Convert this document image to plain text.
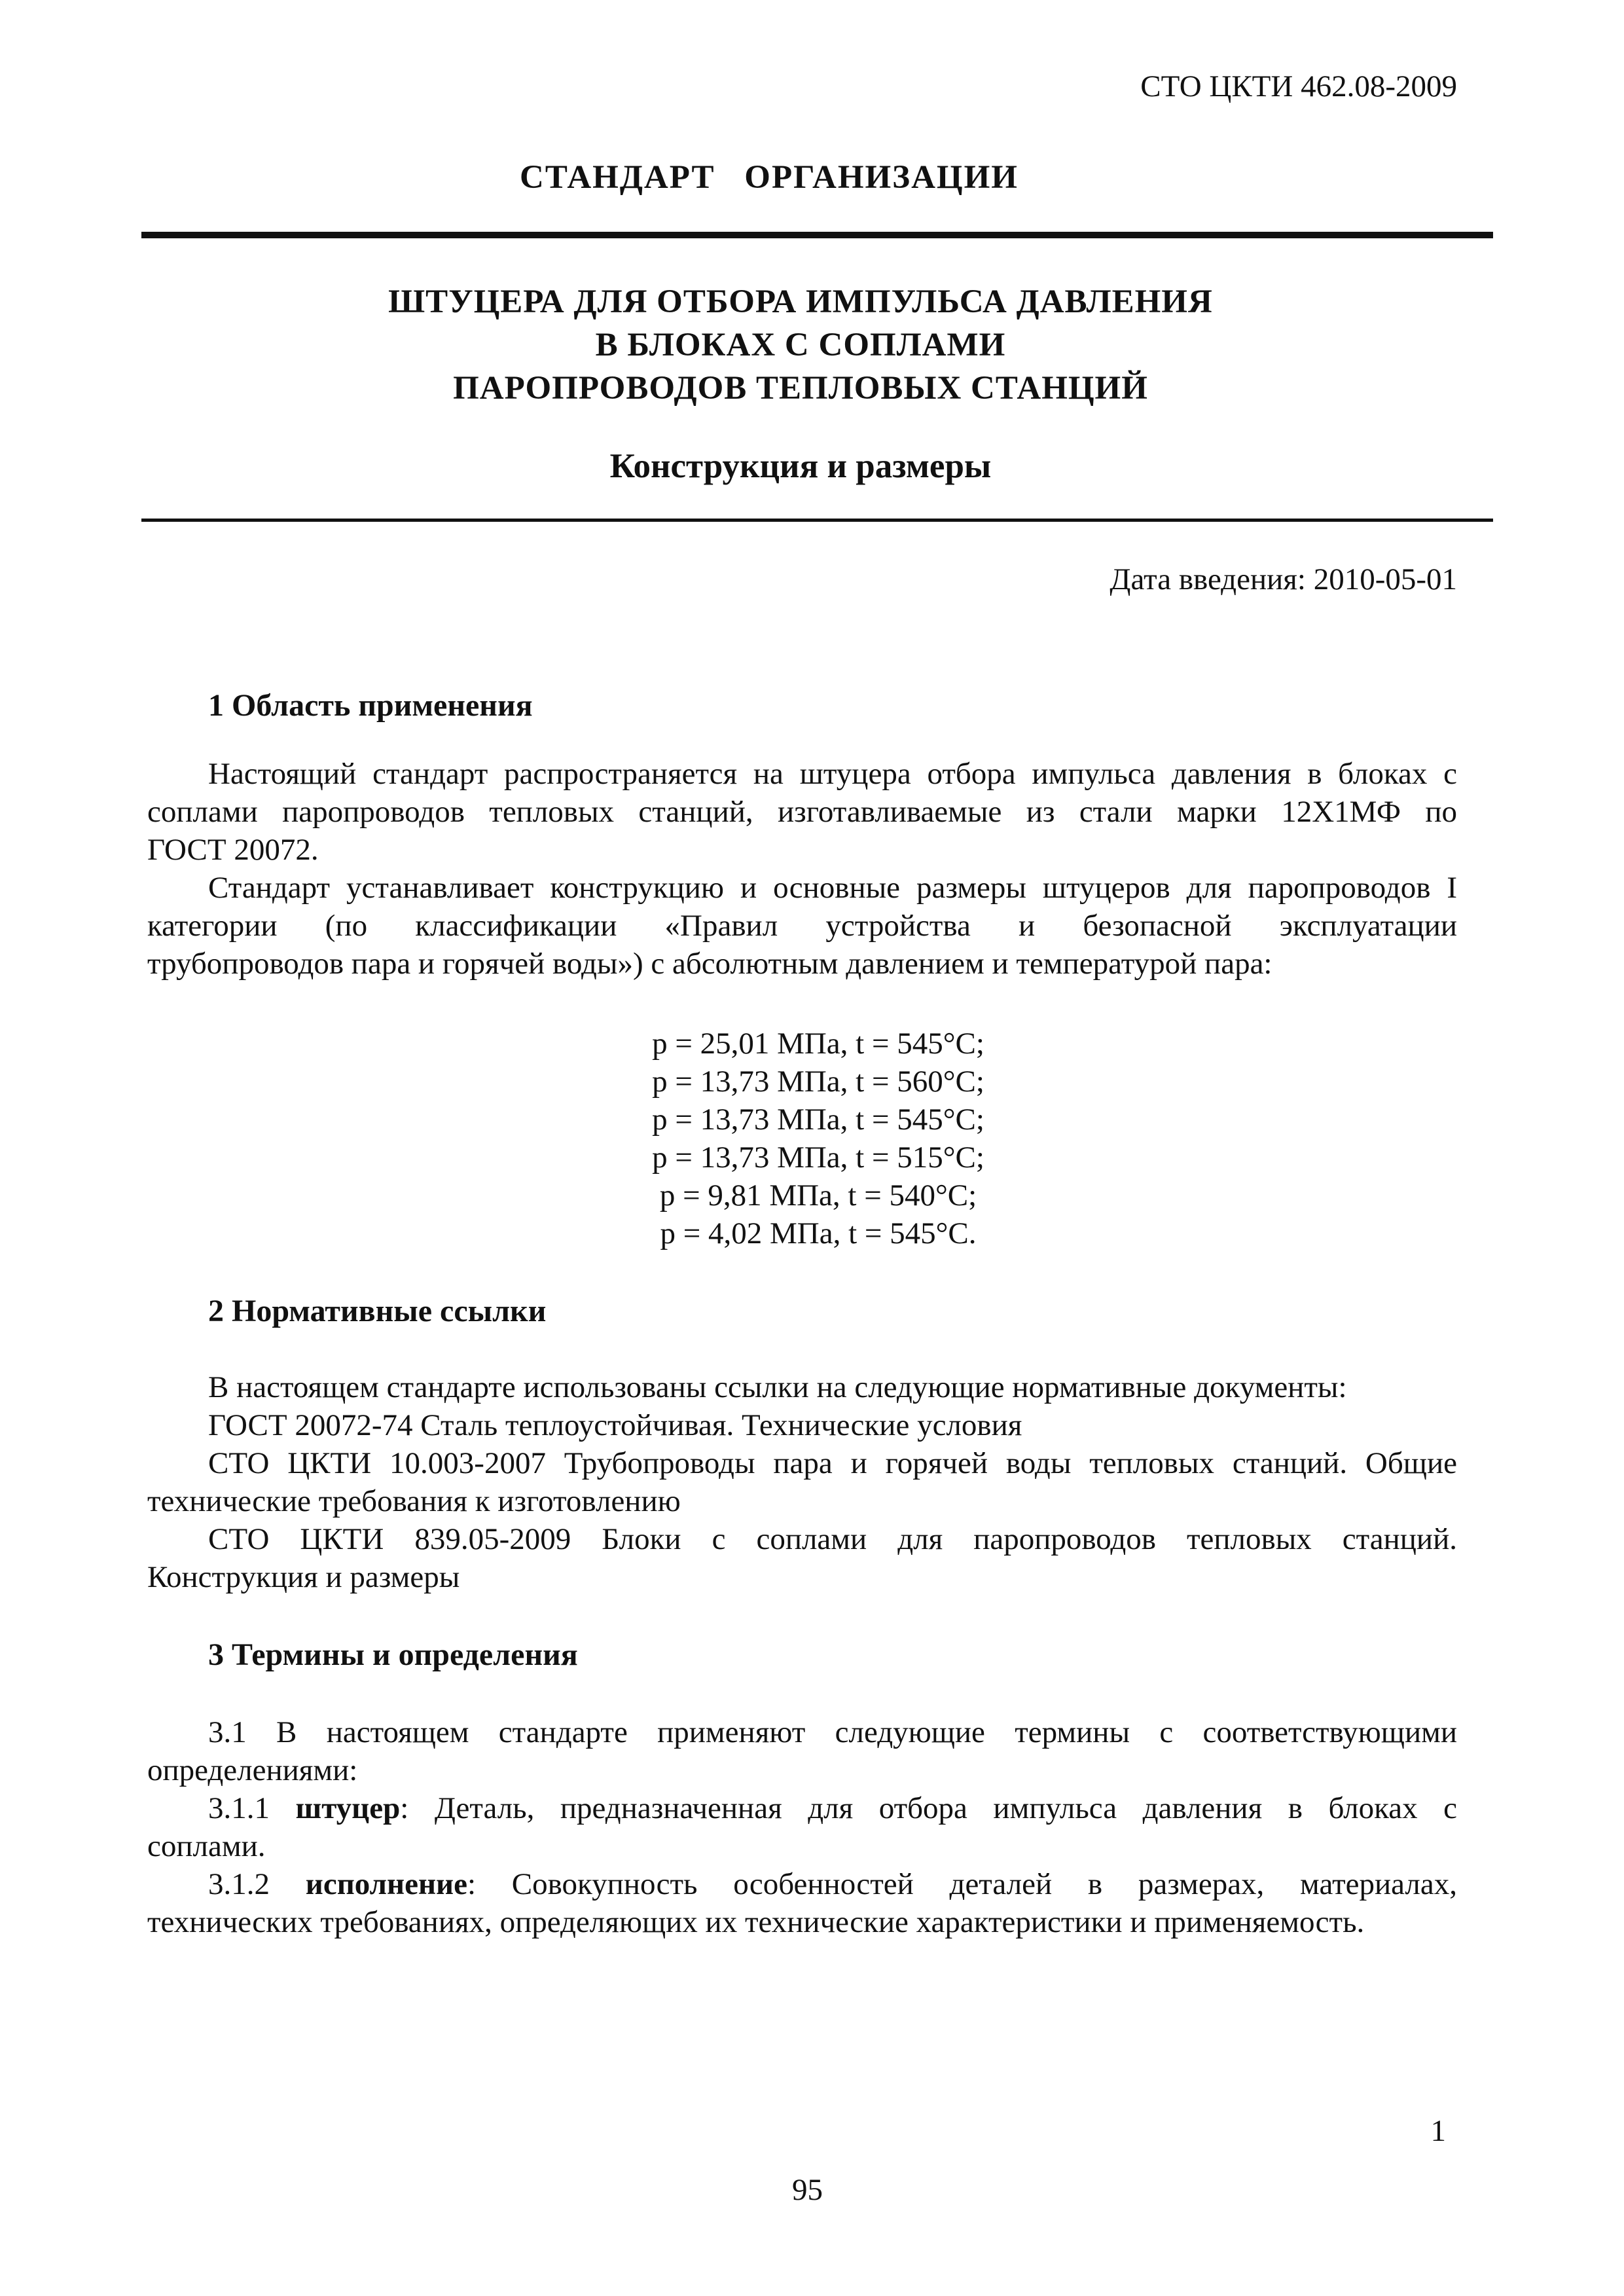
СТО ЦКТИ 462.08-2009
СТАНДАРТ ОРГАНИЗАЦИИ
ШТУЦЕРА ДЛЯ ОТБОРА ИМПУЛЬСА ДАВЛЕНИЯ
В БЛОКАХ С СОПЛАМИ
ПАРОПРОВОДОВ ТЕПЛОВЫХ СТАНЦИЙ
Конструкция и размеры
Дата введения: 2010-05-01
1 Область применения
Настоящий стандарт распространяется на штуцера отбора импульса давления в блоках с
соплами паропроводов тепловых станций, изготавливаемые из стали марки 12Х1МФ по
ГОСТ 20072.
Стандарт устанавливает конструкцию и основные размеры штуцеров для паропроводов I
категории (по классификации «Правил устройства и безопасной эксплуатации
трубопроводов пара и горячей воды») с абсолютным давлением и температурой пара:
p = 25,01 МПа, t = 545°С;
p = 13,73 МПа, t = 560°С;
p = 13,73 МПа, t = 545°С;
p = 13,73 МПа, t = 515°С;
p = 9,81 МПа, t = 540°С;
p = 4,02 МПа, t = 545°С.
2 Нормативные ссылки
В настоящем стандарте использованы ссылки на следующие нормативные документы:
ГОСТ 20072-74 Сталь теплоустойчивая. Технические условия
СТО ЦКТИ 10.003-2007 Трубопроводы пара и горячей воды тепловых станций. Общие
технические требования к изготовлению
СТО ЦКТИ 839.05-2009 Блоки с соплами для паропроводов тепловых станций.
Конструкция и размеры
3 Термины и определения
3.1 В настоящем стандарте применяют следующие термины с соответствующими
определениями:
3.1.1 штуцер: Деталь, предназначенная для отбора импульса давления в блоках с
соплами.
3.1.2 исполнение: Совокупность особенностей деталей в размерах, материалах,
технических требованиях, определяющих их технические характеристики и применяемость.
1
95
